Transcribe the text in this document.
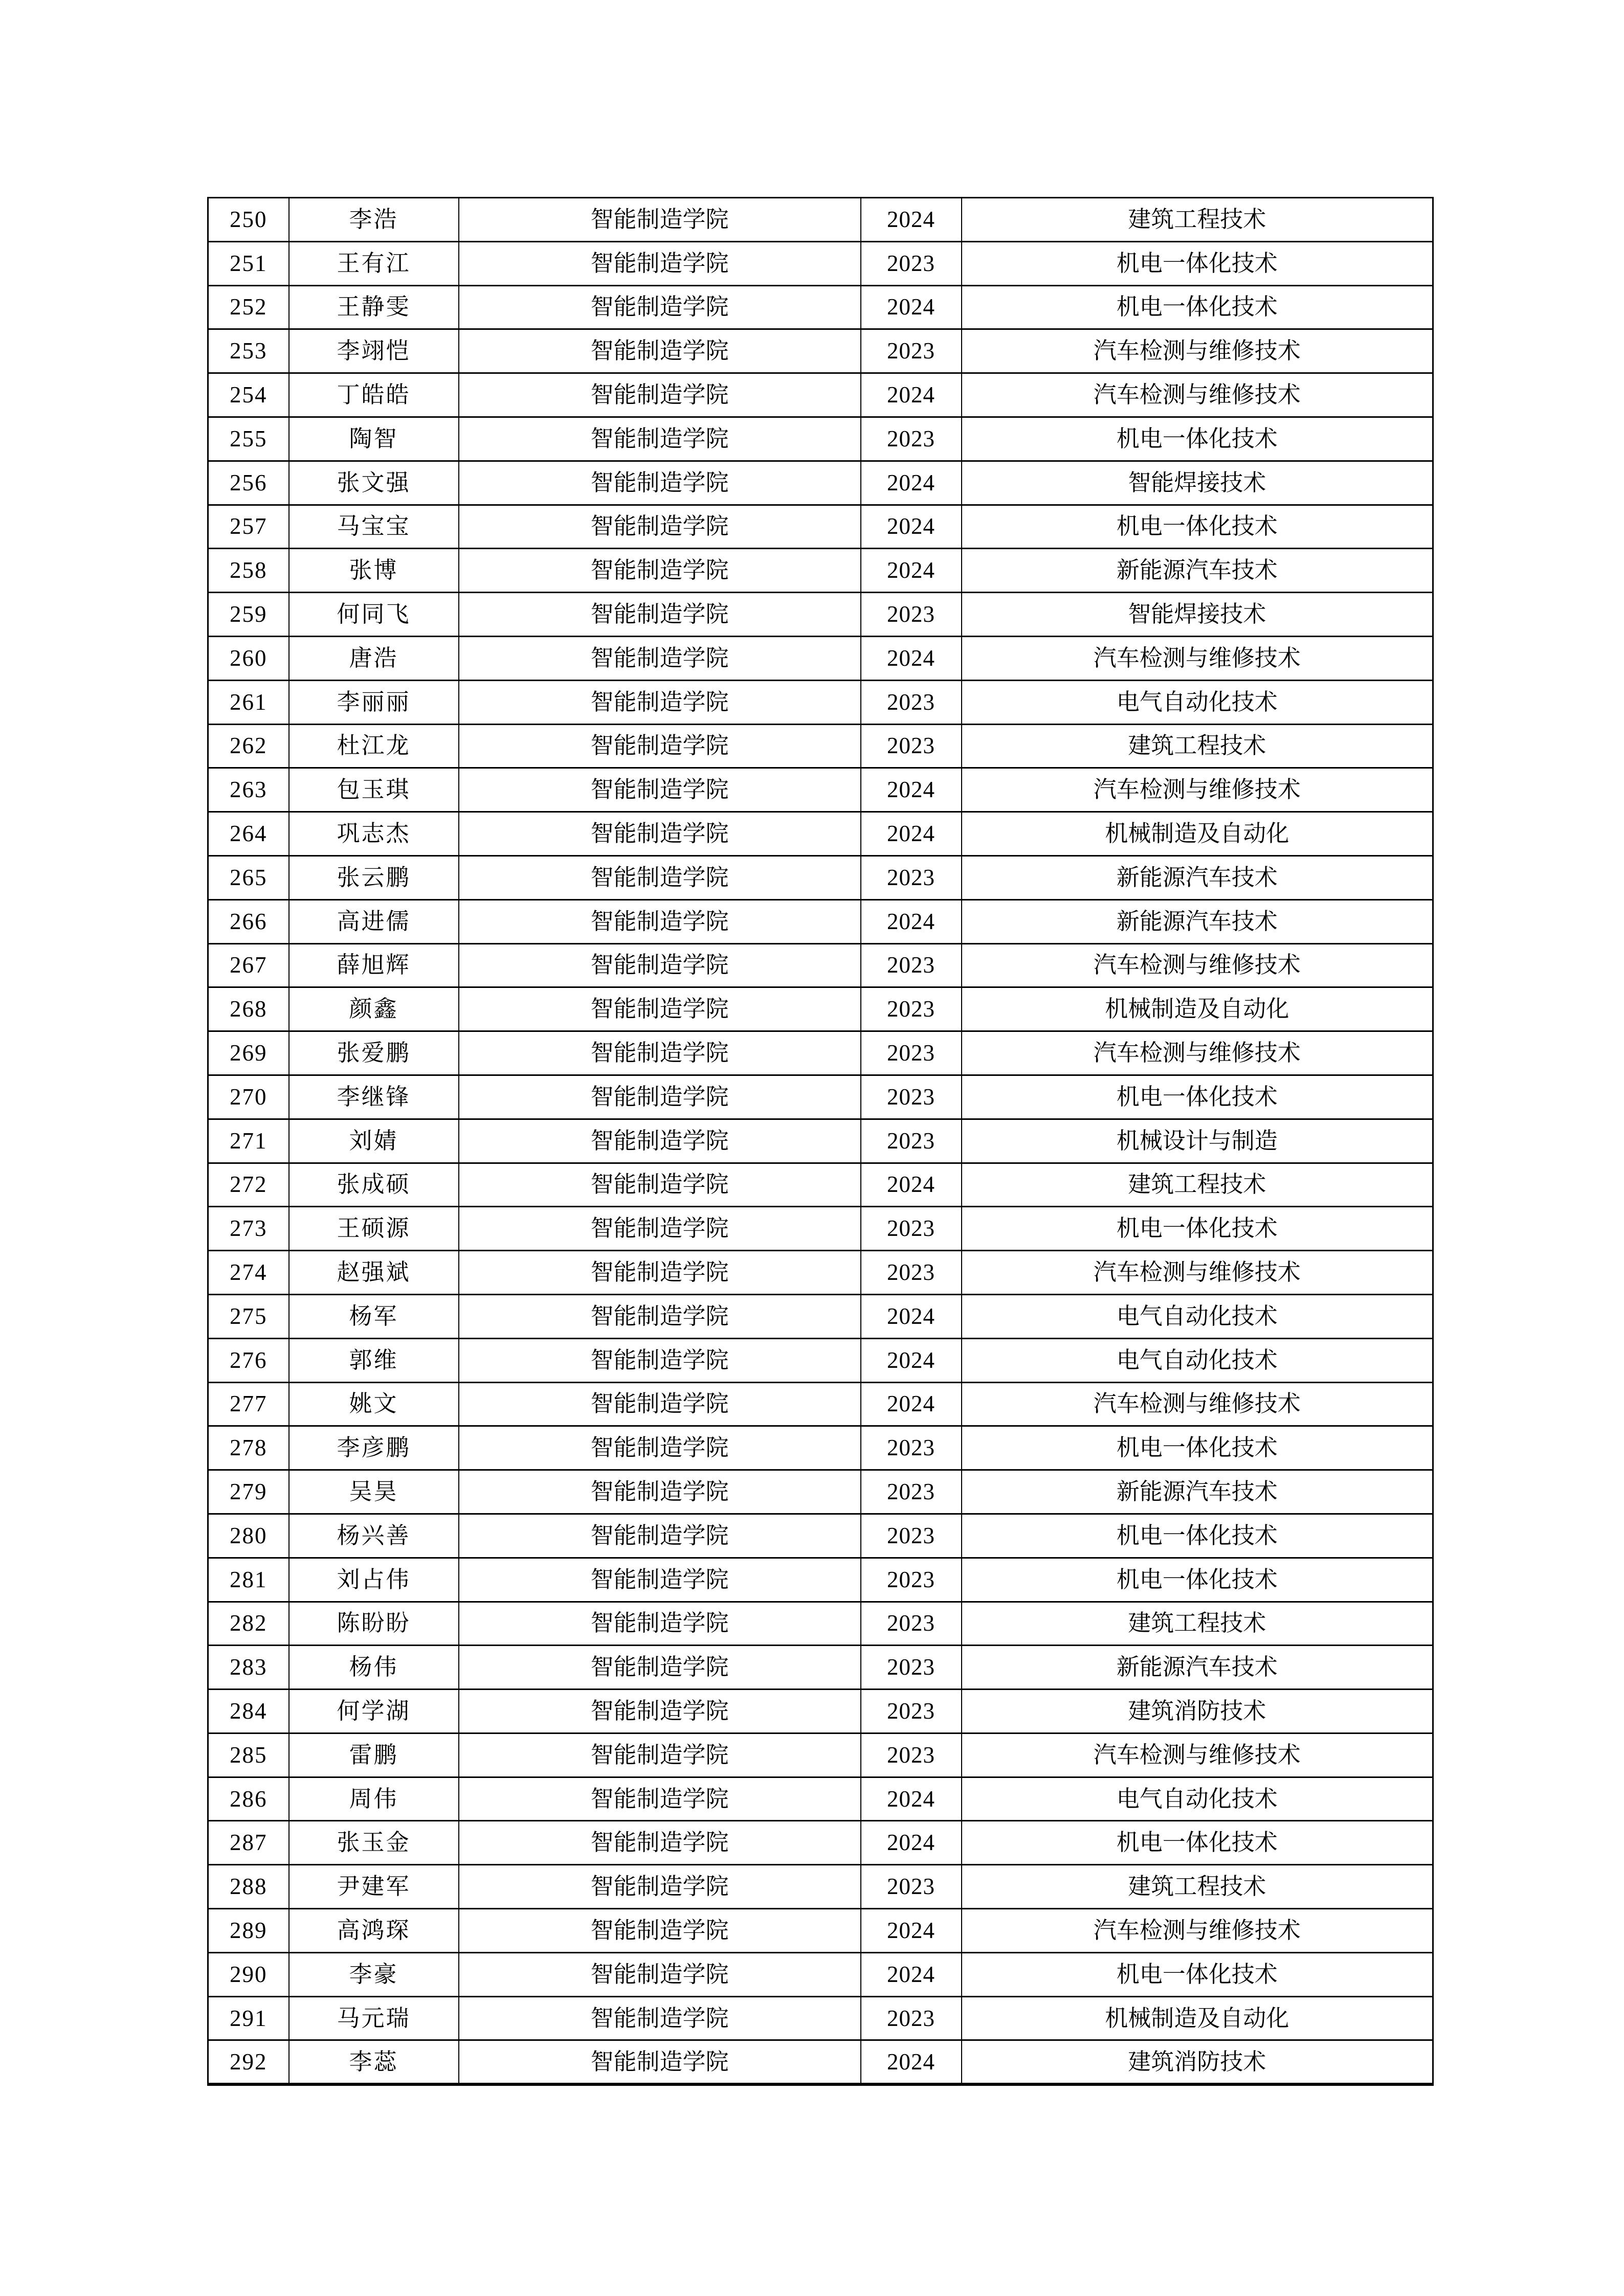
250	李浩	智能制造学院	2024	建筑工程技术
251	王有江	智能制造学院	2023	机电一体化技术
252	王静雯	智能制造学院	2024	机电一体化技术
253	李翊恺	智能制造学院	2023	汽车检测与维修技术
254	丁皓皓	智能制造学院	2024	汽车检测与维修技术
255	陶智	智能制造学院	2023	机电一体化技术
256	张文强	智能制造学院	2024	智能焊接技术
257	马宝宝	智能制造学院	2024	机电一体化技术
258	张博	智能制造学院	2024	新能源汽车技术
259	何同飞	智能制造学院	2023	智能焊接技术
260	唐浩	智能制造学院	2024	汽车检测与维修技术
261	李丽丽	智能制造学院	2023	电气自动化技术
262	杜江龙	智能制造学院	2023	建筑工程技术
263	包玉琪	智能制造学院	2024	汽车检测与维修技术
264	巩志杰	智能制造学院	2024	机械制造及自动化
265	张云鹏	智能制造学院	2023	新能源汽车技术
266	高进儒	智能制造学院	2024	新能源汽车技术
267	薛旭辉	智能制造学院	2023	汽车检测与维修技术
268	颜鑫	智能制造学院	2023	机械制造及自动化
269	张爱鹏	智能制造学院	2023	汽车检测与维修技术
270	李继锋	智能制造学院	2023	机电一体化技术
271	刘婧	智能制造学院	2023	机械设计与制造
272	张成硕	智能制造学院	2024	建筑工程技术
273	王硕源	智能制造学院	2023	机电一体化技术
274	赵强斌	智能制造学院	2023	汽车检测与维修技术
275	杨军	智能制造学院	2024	电气自动化技术
276	郭维	智能制造学院	2024	电气自动化技术
277	姚文	智能制造学院	2024	汽车检测与维修技术
278	李彦鹏	智能制造学院	2023	机电一体化技术
279	吴昊	智能制造学院	2023	新能源汽车技术
280	杨兴善	智能制造学院	2023	机电一体化技术
281	刘占伟	智能制造学院	2023	机电一体化技术
282	陈盼盼	智能制造学院	2023	建筑工程技术
283	杨伟	智能制造学院	2023	新能源汽车技术
284	何学湖	智能制造学院	2023	建筑消防技术
285	雷鹏	智能制造学院	2023	汽车检测与维修技术
286	周伟	智能制造学院	2024	电气自动化技术
287	张玉金	智能制造学院	2024	机电一体化技术
288	尹建军	智能制造学院	2023	建筑工程技术
289	高鸿琛	智能制造学院	2024	汽车检测与维修技术
290	李豪	智能制造学院	2024	机电一体化技术
291	马元瑞	智能制造学院	2023	机械制造及自动化
292	李蕊	智能制造学院	2024	建筑消防技术
